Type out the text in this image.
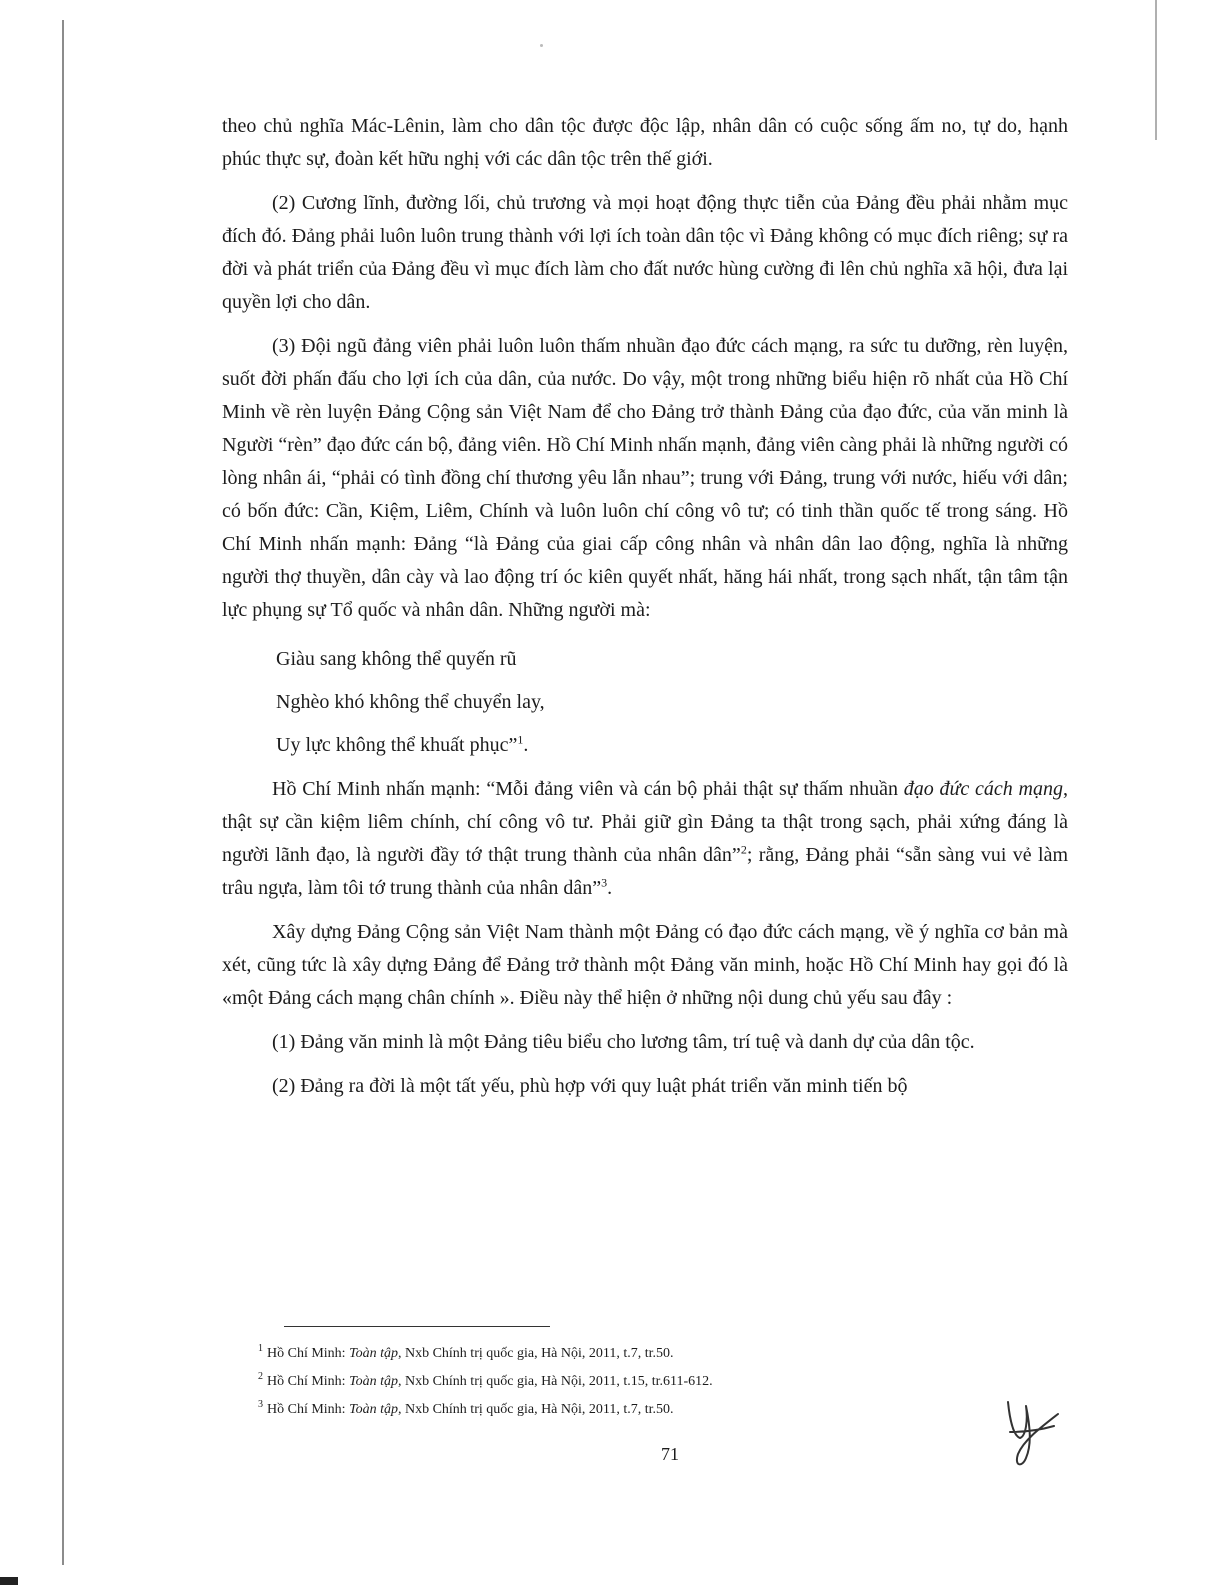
theo chủ nghĩa Mác-Lênin, làm cho dân tộc được độc lập, nhân dân có cuộc sống ấm no, tự do, hạnh phúc thực sự, đoàn kết hữu nghị với các dân tộc trên thế giới.

(2) Cương lĩnh, đường lối, chủ trương và mọi hoạt động thực tiễn của Đảng đều phải nhằm mục đích đó. Đảng phải luôn luôn trung thành với lợi ích toàn dân tộc vì Đảng không có mục đích riêng; sự ra đời và phát triển của Đảng đều vì mục đích làm cho đất nước hùng cường đi lên chủ nghĩa xã hội, đưa lại quyền lợi cho dân.

(3) Đội ngũ đảng viên phải luôn luôn thấm nhuần đạo đức cách mạng, ra sức tu dưỡng, rèn luyện, suốt đời phấn đấu cho lợi ích của dân, của nước. Do vậy, một trong những biểu hiện rõ nhất của Hồ Chí Minh về rèn luyện Đảng Cộng sản Việt Nam để cho Đảng trở thành Đảng của đạo đức, của văn minh là Người “rèn” đạo đức cán bộ, đảng viên. Hồ Chí Minh nhấn mạnh, đảng viên càng phải là những người có lòng nhân ái, “phải có tình đồng chí thương yêu lẫn nhau”; trung với Đảng, trung với nước, hiếu với dân; có bốn đức: Cần, Kiệm, Liêm, Chính và luôn luôn chí công vô tư; có tinh thần quốc tế trong sáng. Hồ Chí Minh nhấn mạnh: Đảng “là Đảng của giai cấp công nhân và nhân dân lao động, nghĩa là những người thợ thuyền, dân cày và lao động trí óc kiên quyết nhất, hăng hái nhất, trong sạch nhất, tận tâm tận lực phụng sự Tổ quốc và nhân dân. Những người mà:

Giàu sang không thể quyến rũ
Nghèo khó không thể chuyển lay,
Uy lực không thể khuất phục”$^1$.

Hồ Chí Minh nhấn mạnh: “Mỗi đảng viên và cán bộ phải thật sự thấm nhuần đạo đức cách mạng, thật sự cần kiệm liêm chính, chí công vô tư. Phải giữ gìn Đảng ta thật trong sạch, phải xứng đáng là người lãnh đạo, là người đầy tớ thật trung thành của nhân dân”$^2$; rằng, Đảng phải “sẵn sàng vui vẻ làm trâu ngựa, làm tôi tớ trung thành của nhân dân”$^3$.

Xây dựng Đảng Cộng sản Việt Nam thành một Đảng có đạo đức cách mạng, về ý nghĩa cơ bản mà xét, cũng tức là xây dựng Đảng để Đảng trở thành một Đảng văn minh, hoặc Hồ Chí Minh hay gọi đó là «một Đảng cách mạng chân chính ». Điều này thể hiện ở những nội dung chủ yếu sau đây :

(1) Đảng văn minh là một Đảng tiêu biểu cho lương tâm, trí tuệ và danh dự của dân tộc.

(2) Đảng ra đời là một tất yếu, phù hợp với quy luật phát triển văn minh tiến bộ

$^1$ Hồ Chí Minh: Toàn tập, Nxb Chính trị quốc gia, Hà Nội, 2011, t.7, tr.50.
$^2$ Hồ Chí Minh: Toàn tập, Nxb Chính trị quốc gia, Hà Nội, 2011, t.15, tr.611-612.
$^3$ Hồ Chí Minh: Toàn tập, Nxb Chính trị quốc gia, Hà Nội, 2011, t.7, tr.50.
71
